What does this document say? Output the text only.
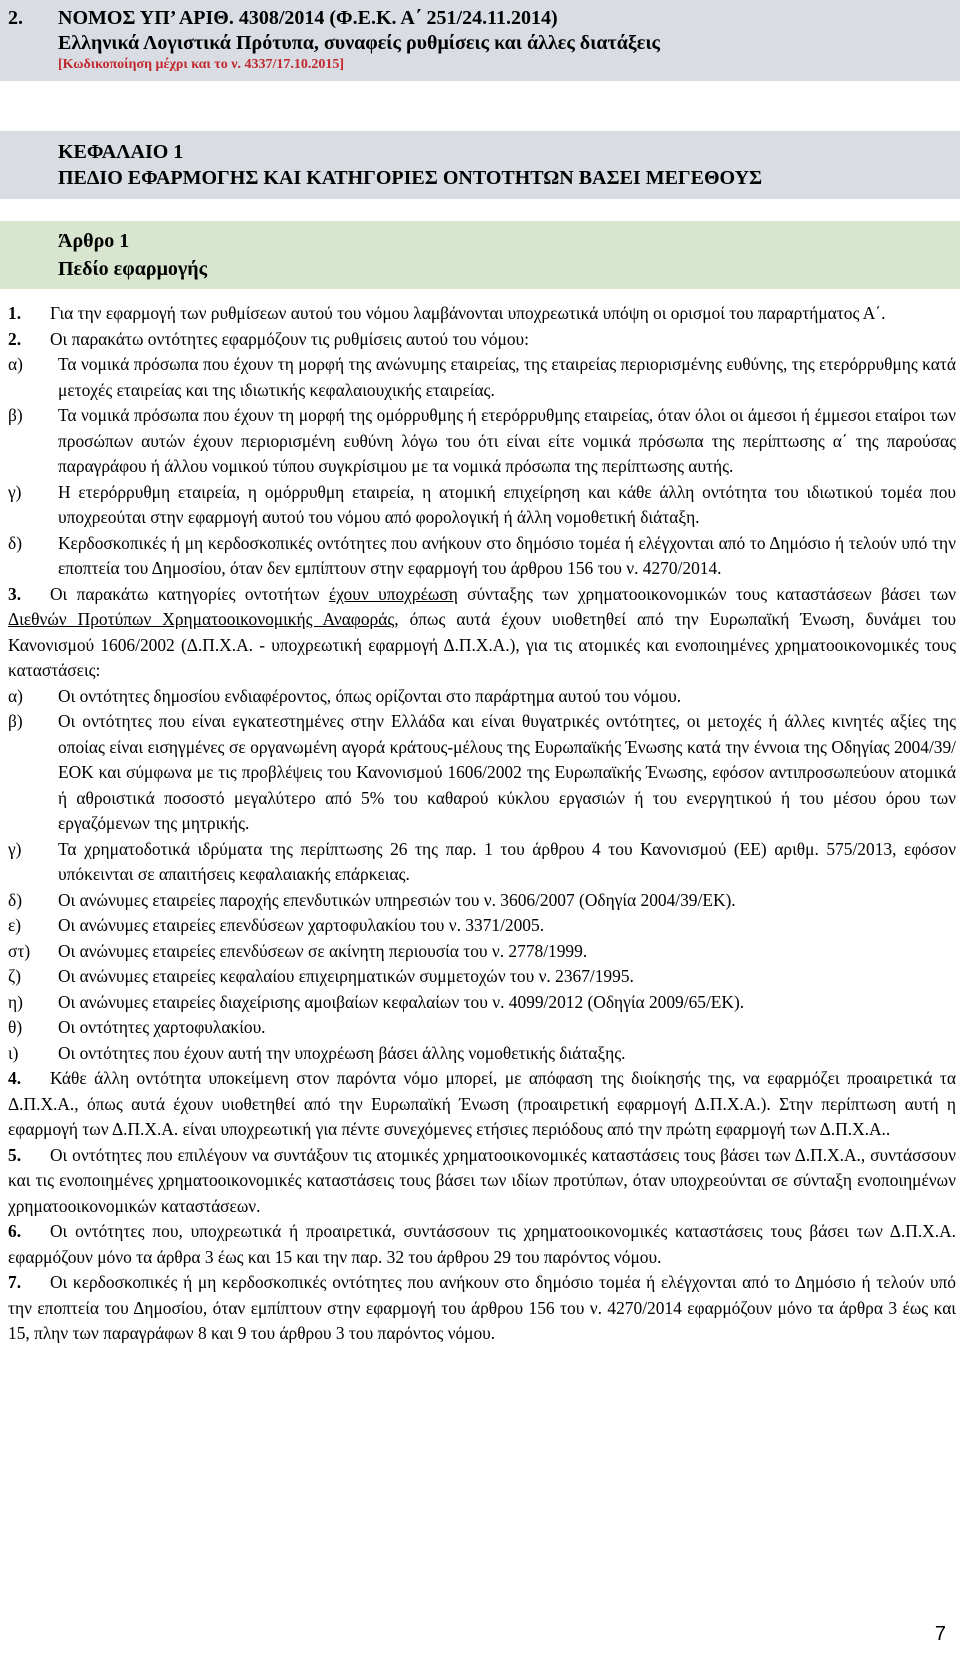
2. ΝΟΜΟΣ ΥΠ’ ΑΡΙΘ. 4308/2014 (Φ.Ε.Κ. Α΄ 251/24.11.2014)
Ελληνικά Λογιστικά Πρότυπα, συναφείς ρυθμίσεις και άλλες διατάξεις
[Κωδικοποίηση μέχρι και το ν. 4337/17.10.2015]
ΚΕΦΑΛΑΙΟ 1
ΠΕΔΙΟ ΕΦΑΡΜΟΓΗΣ ΚΑΙ ΚΑΤΗΓΟΡΙΕΣ ΟΝΤΟΤΗΤΩΝ ΒΑΣΕΙ ΜΕΓΕΘΟΥΣ
Άρθρο 1
Πεδίο εφαρμογής

1. Για την εφαρμογή των ρυθμίσεων αυτού του νόμου λαμβάνονται υποχρεωτικά υπόψη οι ορισμοί του παραρτήματος Α΄.

2. Οι παρακάτω οντότητες εφαρμόζουν τις ρυθμίσεις αυτού του νόμου:

α)	Τα νομικά πρόσωπα που έχουν τη μορφή της ανώνυμης εταιρείας, της εταιρείας περιορισμένης ευθύνης, της ετερόρρυθμης κατά μετοχές εταιρείας και της ιδιωτικής κεφαλαιουχικής εταιρείας.
β)	Τα νομικά πρόσωπα που έχουν τη μορφή της ομόρρυθμης ή ετερόρρυθμης εταιρείας, όταν όλοι οι άμεσοι ή έμμεσοι εταίροι των προσώπων αυτών έχουν περιορισμένη ευθύνη λόγω του ότι είναι είτε νομικά πρόσωπα της περίπτωσης α΄ της παρούσας παραγράφου ή άλλου νομικού τύπου συγκρίσιμου με τα νομικά πρόσωπα της περίπτωσης αυτής.
γ)	Η ετερόρρυθμη εταιρεία, η ομόρρυθμη εταιρεία, η ατομική επιχείρηση και κάθε άλλη οντότητα του ιδιωτικού τομέα που υποχρεούται στην εφαρμογή αυτού του νόμου από φορολογική ή άλλη νομοθετική διάταξη.
δ)	Κερδοσκοπικές ή μη κερδοσκοπικές οντότητες που ανήκουν στο δημόσιο τομέα ή ελέγχονται από το Δημόσιο ή τελούν υπό την εποπτεία του Δημοσίου, όταν δεν εμπίπτουν στην εφαρμογή του άρθρου 156 του ν. 4270/2014.

3. Οι παρακάτω κατηγορίες οντοτήτων έχουν υποχρέωση σύνταξης των χρηματοοικονομικών τους καταστάσεων βάσει των Διεθνών Προτύπων Χρηματοοικονομικής Αναφοράς, όπως αυτά έχουν υιοθετηθεί από την Ευρωπαϊκή Ένωση, δυνάμει του Κανονισμού 1606/2002 (Δ.Π.Χ.Α. - υποχρεωτική εφαρμογή Δ.Π.Χ.Α.), για τις ατομικές και ενοποιημένες χρηματοοικονομικές τους καταστάσεις:

α)	Οι οντότητες δημοσίου ενδιαφέροντος, όπως ορίζονται στο παράρτημα αυτού του νόμου.
β)	Οι οντότητες που είναι εγκατεστημένες στην Ελλάδα και είναι θυγατρικές οντότητες, οι μετοχές ή άλλες κινητές αξίες της οποίας είναι εισηγμένες σε οργανωμένη αγορά κράτους-μέλους της Ευρωπαϊκής Ένωσης κατά την έννοια της Οδηγίας 2004/39/ΕΟΚ και σύμφωνα με τις προβλέψεις του Κανονισμού 1606/2002 της Ευρωπαϊκής Ένωσης, εφόσον αντιπροσωπεύουν ατομικά ή αθροιστικά ποσοστό μεγαλύτερο από 5% του καθαρού κύκλου εργασιών ή του ενεργητικού ή του μέσου όρου των εργαζόμενων της μητρικής.
γ)	Τα χρηματοδοτικά ιδρύματα της περίπτωσης 26 της παρ. 1 του άρθρου 4 του Κανονισμού (ΕΕ) αριθμ. 575/2013, εφόσον υπόκεινται σε απαιτήσεις κεφαλαιακής επάρκειας.
δ)	Οι ανώνυμες εταιρείες παροχής επενδυτικών υπηρεσιών του ν. 3606/2007 (Οδηγία 2004/39/ΕΚ).
ε)	Οι ανώνυμες εταιρείες επενδύσεων χαρτοφυλακίου του ν. 3371/2005.
στ)	Οι ανώνυμες εταιρείες επενδύσεων σε ακίνητη περιουσία του ν. 2778/1999.
ζ)	Οι ανώνυμες εταιρείες κεφαλαίου επιχειρηματικών συμμετοχών του ν. 2367/1995.
η)	Οι ανώνυμες εταιρείες διαχείρισης αμοιβαίων κεφαλαίων του ν. 4099/2012 (Οδηγία 2009/65/ΕΚ).
θ)	Οι οντότητες χαρτοφυλακίου.
ι)	Οι οντότητες που έχουν αυτή την υποχρέωση βάσει άλλης νομοθετικής διάταξης.

4. Κάθε άλλη οντότητα υποκείμενη στον παρόντα νόμο μπορεί, με απόφαση της διοίκησής της, να εφαρμόζει προαιρετικά τα Δ.Π.Χ.Α., όπως αυτά έχουν υιοθετηθεί από την Ευρωπαϊκή Ένωση (προαιρετική εφαρμογή Δ.Π.Χ.Α.). Στην περίπτωση αυτή η εφαρμογή των Δ.Π.Χ.Α. είναι υποχρεωτική για πέντε συνεχόμενες ετήσιες περιόδους από την πρώτη εφαρμογή των Δ.Π.Χ.Α..

5. Οι οντότητες που επιλέγουν να συντάξουν τις ατομικές χρηματοοικονομικές καταστάσεις τους βάσει των Δ.Π.Χ.Α., συντάσσουν και τις ενοποιημένες χρηματοοικονομικές καταστάσεις τους βάσει των ιδίων προτύπων, όταν υποχρεούνται σε σύνταξη ενοποιημένων χρηματοοικονομικών καταστάσεων.

6. Οι οντότητες που, υποχρεωτικά ή προαιρετικά, συντάσσουν τις χρηματοοικονομικές καταστάσεις τους βάσει των Δ.Π.Χ.Α. εφαρμόζουν μόνο τα άρθρα 3 έως και 15 και την παρ. 32 του άρθρου 29 του παρόντος νόμου.

7. Οι κερδοσκοπικές ή μη κερδοσκοπικές οντότητες που ανήκουν στο δημόσιο τομέα ή ελέγχονται από το Δημόσιο ή τελούν υπό την εποπτεία του Δημοσίου, όταν εμπίπτουν στην εφαρμογή του άρθρου 156 του ν. 4270/2014 εφαρμόζουν μόνο τα άρθρα 3 έως και 15, πλην των παραγράφων 8 και 9 του άρθρου 3 του παρόντος νόμου.

7
